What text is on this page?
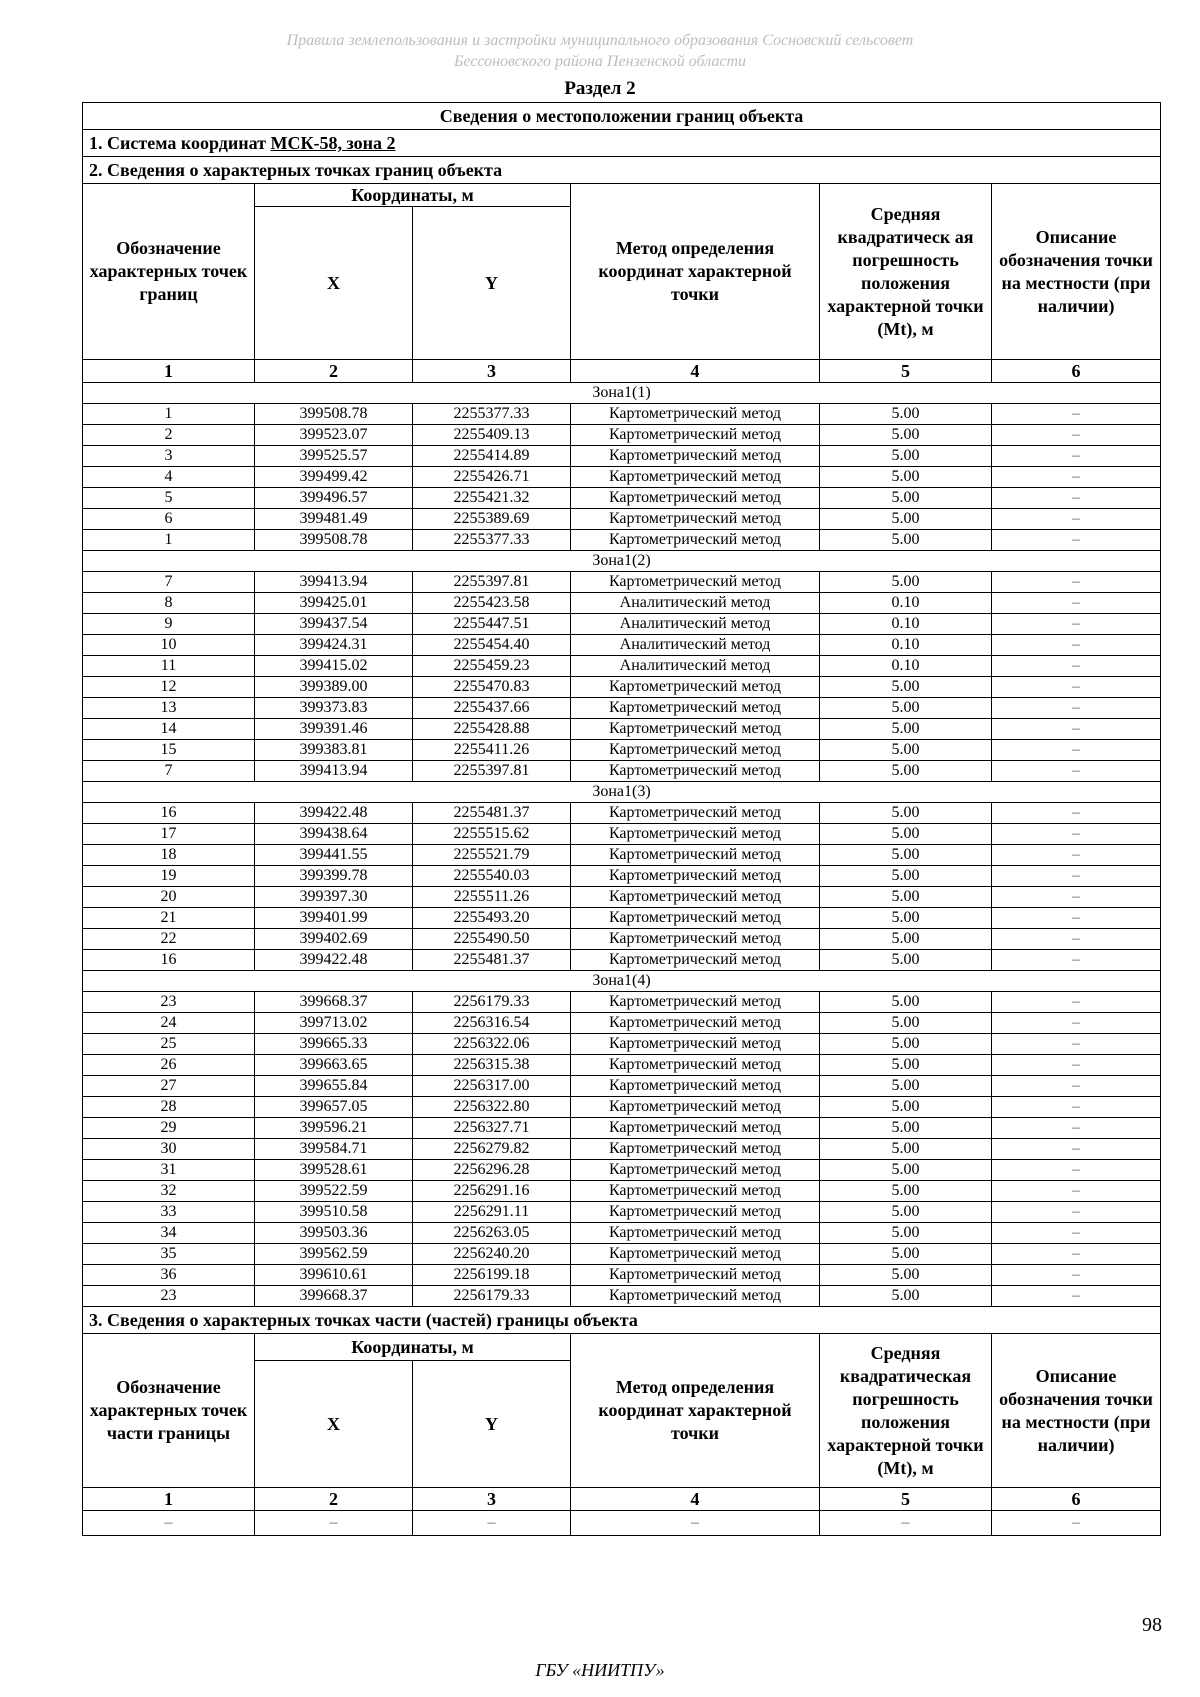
Правила землепользования и застройки муниципального образования Сосновский сельсовет
Бессоновского района Пензенской области
Раздел 2
Сведения о местоположении границ объекта					
1. Система координат МСК-58, зона 2					
2. Сведения о характерных точках границ объекта					
Обозначение характерных точек границ	Координаты, м		Метод определения координат характерной точки	Средняя квадратическ ая погрешность положения характерной точки (Mt), м	Описание обозначения точки на местности (при наличии)
	X	Y			
1	2	3	4	5	6
Зона1(1)					
1	399508.78	2255377.33	Картометрический метод	5.00	–
2	399523.07	2255409.13	Картометрический метод	5.00	–
3	399525.57	2255414.89	Картометрический метод	5.00	–
4	399499.42	2255426.71	Картометрический метод	5.00	–
5	399496.57	2255421.32	Картометрический метод	5.00	–
6	399481.49	2255389.69	Картометрический метод	5.00	–
1	399508.78	2255377.33	Картометрический метод	5.00	–
Зона1(2)					
7	399413.94	2255397.81	Картометрический метод	5.00	–
8	399425.01	2255423.58	Аналитический метод	0.10	–
9	399437.54	2255447.51	Аналитический метод	0.10	–
10	399424.31	2255454.40	Аналитический метод	0.10	–
11	399415.02	2255459.23	Аналитический метод	0.10	–
12	399389.00	2255470.83	Картометрический метод	5.00	–
13	399373.83	2255437.66	Картометрический метод	5.00	–
14	399391.46	2255428.88	Картометрический метод	5.00	–
15	399383.81	2255411.26	Картометрический метод	5.00	–
7	399413.94	2255397.81	Картометрический метод	5.00	–
Зона1(3)					
16	399422.48	2255481.37	Картометрический метод	5.00	–
17	399438.64	2255515.62	Картометрический метод	5.00	–
18	399441.55	2255521.79	Картометрический метод	5.00	–
19	399399.78	2255540.03	Картометрический метод	5.00	–
20	399397.30	2255511.26	Картометрический метод	5.00	–
21	399401.99	2255493.20	Картометрический метод	5.00	–
22	399402.69	2255490.50	Картометрический метод	5.00	–
16	399422.48	2255481.37	Картометрический метод	5.00	–
Зона1(4)					
23	399668.37	2256179.33	Картометрический метод	5.00	–
24	399713.02	2256316.54	Картометрический метод	5.00	–
25	399665.33	2256322.06	Картометрический метод	5.00	–
26	399663.65	2256315.38	Картометрический метод	5.00	–
27	399655.84	2256317.00	Картометрический метод	5.00	–
28	399657.05	2256322.80	Картометрический метод	5.00	–
29	399596.21	2256327.71	Картометрический метод	5.00	–
30	399584.71	2256279.82	Картометрический метод	5.00	–
31	399528.61	2256296.28	Картометрический метод	5.00	–
32	399522.59	2256291.16	Картометрический метод	5.00	–
33	399510.58	2256291.11	Картометрический метод	5.00	–
34	399503.36	2256263.05	Картометрический метод	5.00	–
35	399562.59	2256240.20	Картометрический метод	5.00	–
36	399610.61	2256199.18	Картометрический метод	5.00	–
23	399668.37	2256179.33	Картометрический метод	5.00	–
3. Сведения о характерных точках части (частей) границы объекта					
Обозначение характерных точек части границы	Координаты, м		Метод определения координат характерной точки	Средняя квадратическая погрешность положения характерной точки (Mt), м	Описание обозначения точки на местности (при наличии)
	X	Y			
1	2	3	4	5	6
–	–	–	–	–	–
98
ГБУ «НИИТПУ»
